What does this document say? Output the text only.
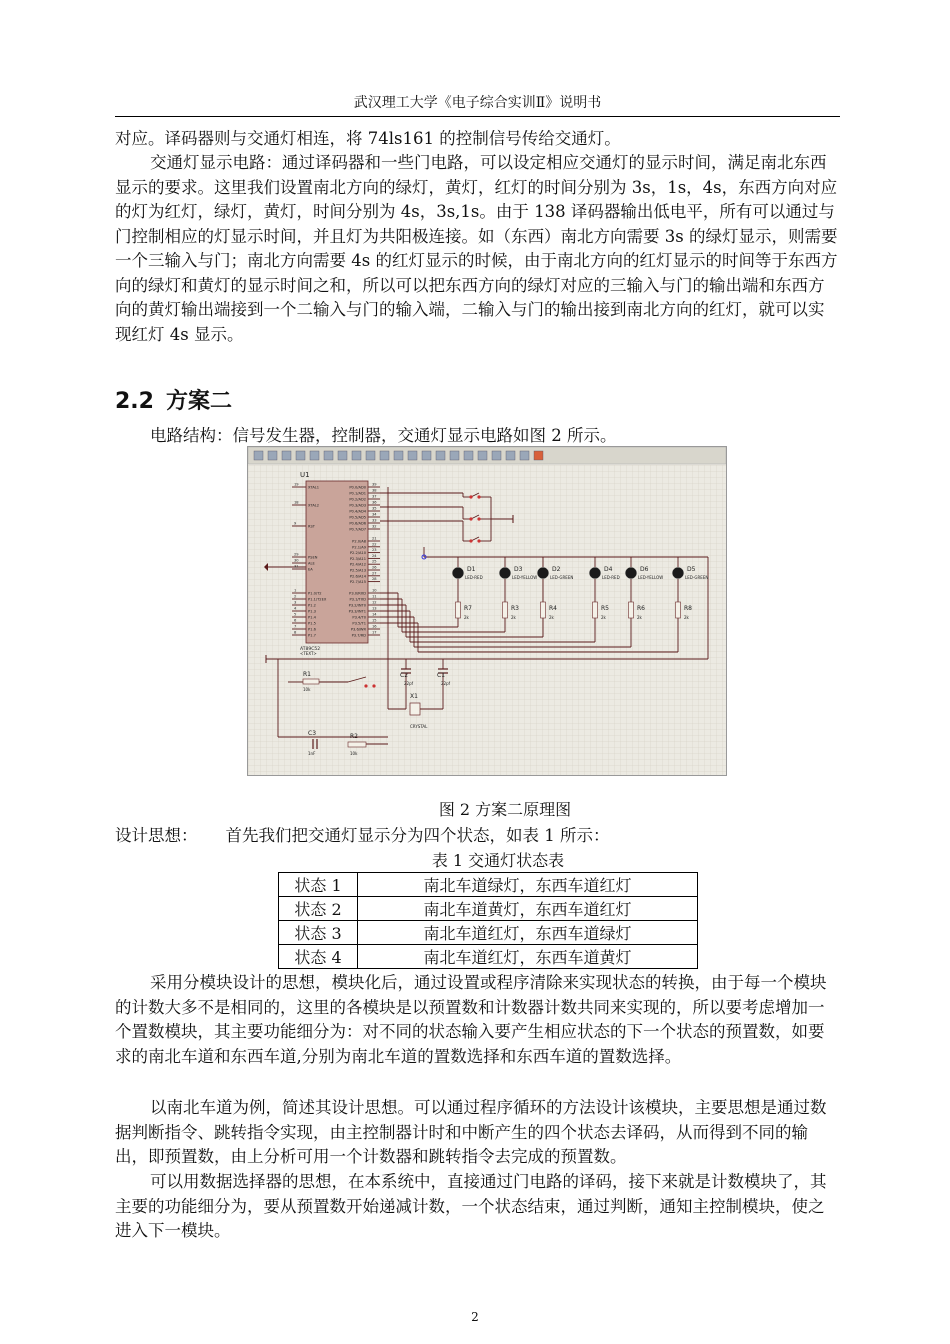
武汉理工大学《电子综合实训Ⅱ》说明书

对应。译码器则与交通灯相连，将 74ls161 的控制信号传给交通灯。

交通灯显示电路：通过译码器和一些门电路，可以设定相应交通灯的显示时间，满足南北东西显示的要求。这里我们设置南北方向的绿灯，黄灯，红灯的时间分别为 3s，1s，4s，东西方向对应的灯为红灯，绿灯，黄灯，时间分别为 4s，3s,1s。由于 138 译码器输出低电平，所有可以通过与门控制相应的灯显示时间，并且灯为共阳极连接。如（东西）南北方向需要 3s 的绿灯显示，则需要一个三输入与门；南北方向需要 4s 的红灯显示的时候，由于南北方向的红灯显示的时间等于东西方向的绿灯和黄灯的显示时间之和，所以可以把东西方向的绿灯对应的三输入与门的输出端和东西方向的黄灯输出端接到一个二输入与门的输入端，二输入与门的输出接到南北方向的红灯，就可以实现红灯 4s 显示。

2.2 方案二

电路结构：信号发生器，控制器，交通灯显示电路如图 2 所示。

U1
AT89C52
<TEXT>
19
XTAL1
18
XTAL2
9
RST
29
PSEN
30
ALE
31
EA
1
P1.0/T2
2
P1.1/T2EX
3
P1.2
4
P1.3
5
P1.4
6
P1.5
7
P1.6
8
P1.7
39
P0.0/AD0
38
P0.1/AD1
37
P0.2/AD2
36
P0.3/AD3
35
P0.4/AD4
34
P0.5/AD5
33
P0.6/AD6
32
P0.7/AD7
21
P2.0/A8
22
P2.1/A9
23
P2.2/A10
24
P2.3/A11
25
P2.4/A12
26
P2.5/A13
27
P2.6/A14
28
P2.7/A15
10
P3.0/RXD
11
P3.1/TXD
12
P3.2/INT0
13
P3.3/INT1
14
P3.4/T0
15
P3.5/T1
16
P3.6/WR
17
P3.7/RD
D1
LED-RED
R7
2k
D3
LED-YELLOW
R3
2k
D2
LED-GREEN
R4
2k
D4
LED-RED
R5
2k
D6
LED-YELLOW
R6
2k
D5
LED-GREEN
R8
2k
R1
10k
C2
22pf
C1
22pf
X1
CRYSTAL
C3
1nF
R2
10k
图 2 方案二原理图

设计思想： 首先我们把交通灯显示分为四个状态，如表 1 所示：

表 1 交通灯状态表
状态 1	南北车道绿灯，东西车道红灯
状态 2	南北车道黄灯，东西车道红灯
状态 3	南北车道红灯，东西车道绿灯
状态 4	南北车道红灯，东西车道黄灯

采用分模块设计的思想，模块化后，通过设置或程序清除来实现状态的转换，由于每一个模块的计数大多不是相同的，这里的各模块是以预置数和计数器计数共同来实现的，所以要考虑增加一个置数模块，其主要功能细分为：对不同的状态输入要产生相应状态的下一个状态的预置数，如要求的南北车道和东西车道,分别为南北车道的置数选择和东西车道的置数选择。

以南北车道为例，简述其设计思想。可以通过程序循环的方法设计该模块，主要思想是通过数据判断指令、跳转指令实现，由主控制器计时和中断产生的四个状态去译码，从而得到不同的输出，即预置数，由上分析可用一个计数器和跳转指令去完成的预置数。

可以用数据选择器的思想，在本系统中，直接通过门电路的译码，接下来就是计数模块了，其主要的功能细分为，要从预置数开始递减计数，一个状态结束，通过判断，通知主控制模块，使之进入下一模块。

2
